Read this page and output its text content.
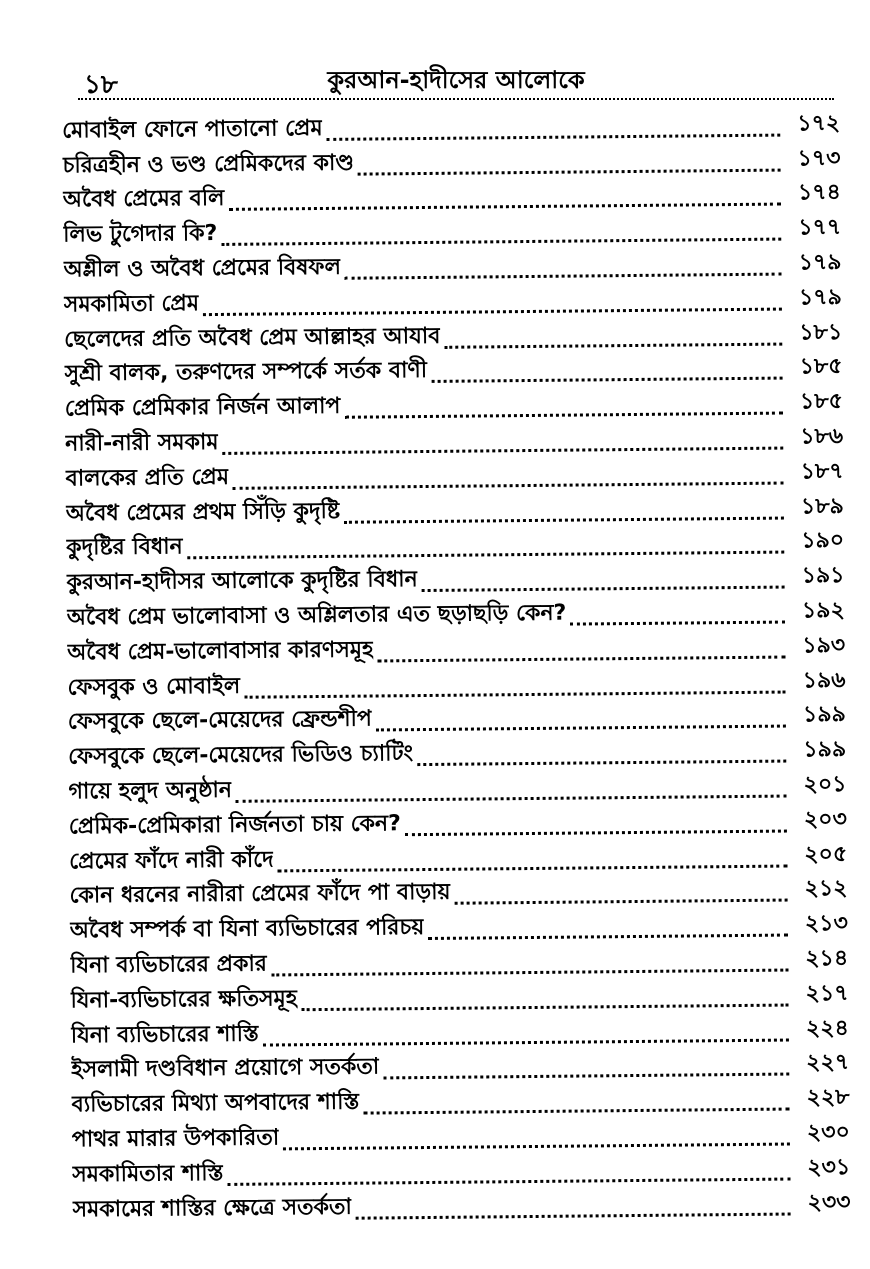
১৮	কুরআন-হাদীসের আলোকে
মোবাইল ফোনে পাতানো প্রেম	১৭২
চরিত্রহীন ও ভণ্ড প্রেমিকদের কাণ্ড	১৭৩
অবৈধ প্রেমের বলি	১৭৪
লিভ টুগেদার কি?	১৭৭
অশ্লীল ও অবৈধ প্রেমের বিষফল	১৭৯
সমকামিতা প্রেম	১৭৯
ছেলেদের প্রতি অবৈধ প্রেম আল্লাহর আযাব	১৮১
সুশ্রী বালক, তরুণদের সম্পর্কে সর্তক বাণী	১৮৫
প্রেমিক প্রেমিকার নির্জন আলাপ	১৮৫
নারী-নারী সমকাম	১৮৬
বালকের প্রতি প্রেম	১৮৭
অবৈধ প্রেমের প্রথম সিঁড়ি কুদৃষ্টি	১৮৯
কুদৃষ্টির বিধান	১৯০
কুরআন-হাদীসর আলোকে কুদৃষ্টির বিধান	১৯১
অবৈধ প্রেম ভালোবাসা ও অশ্লিলতার এত ছড়াছড়ি কেন?	১৯২
অবৈধ প্রেম-ভালোবাসার কারণসমূহ	১৯৩
ফেসবুক ও মোবাইল	১৯৬
ফেসবুকে ছেলে-মেয়েদের ফ্রেন্ডশীপ	১৯৯
ফেসবুকে ছেলে-মেয়েদের ভিডিও চ্যাটিং	১৯৯
গায়ে হলুদ অনুষ্ঠান	২০১
প্রেমিক-প্রেমিকারা নির্জনতা চায় কেন?	২০৩
প্রেমের ফাঁদে নারী কাঁদে	২০৫
কোন ধরনের নারীরা প্রেমের ফাঁদে পা বাড়ায়	২১২
অবৈধ সম্পর্ক বা যিনা ব্যভিচারের পরিচয়	২১৩
যিনা ব্যভিচারের প্রকার	২১৪
যিনা-ব্যভিচারের ক্ষতিসমূহ	২১৭
যিনা ব্যভিচারের শাস্তি	২২৪
ইসলামী দণ্ডবিধান প্রয়োগে সতর্কতা	২২৭
ব্যভিচারের মিথ্যা অপবাদের শাস্তি	২২৮
পাথর মারার উপকারিতা	২৩০
সমকামিতার শাস্তি	২৩১
সমকামের শাস্তির ক্ষেত্রে সতর্কতা	২৩৩
